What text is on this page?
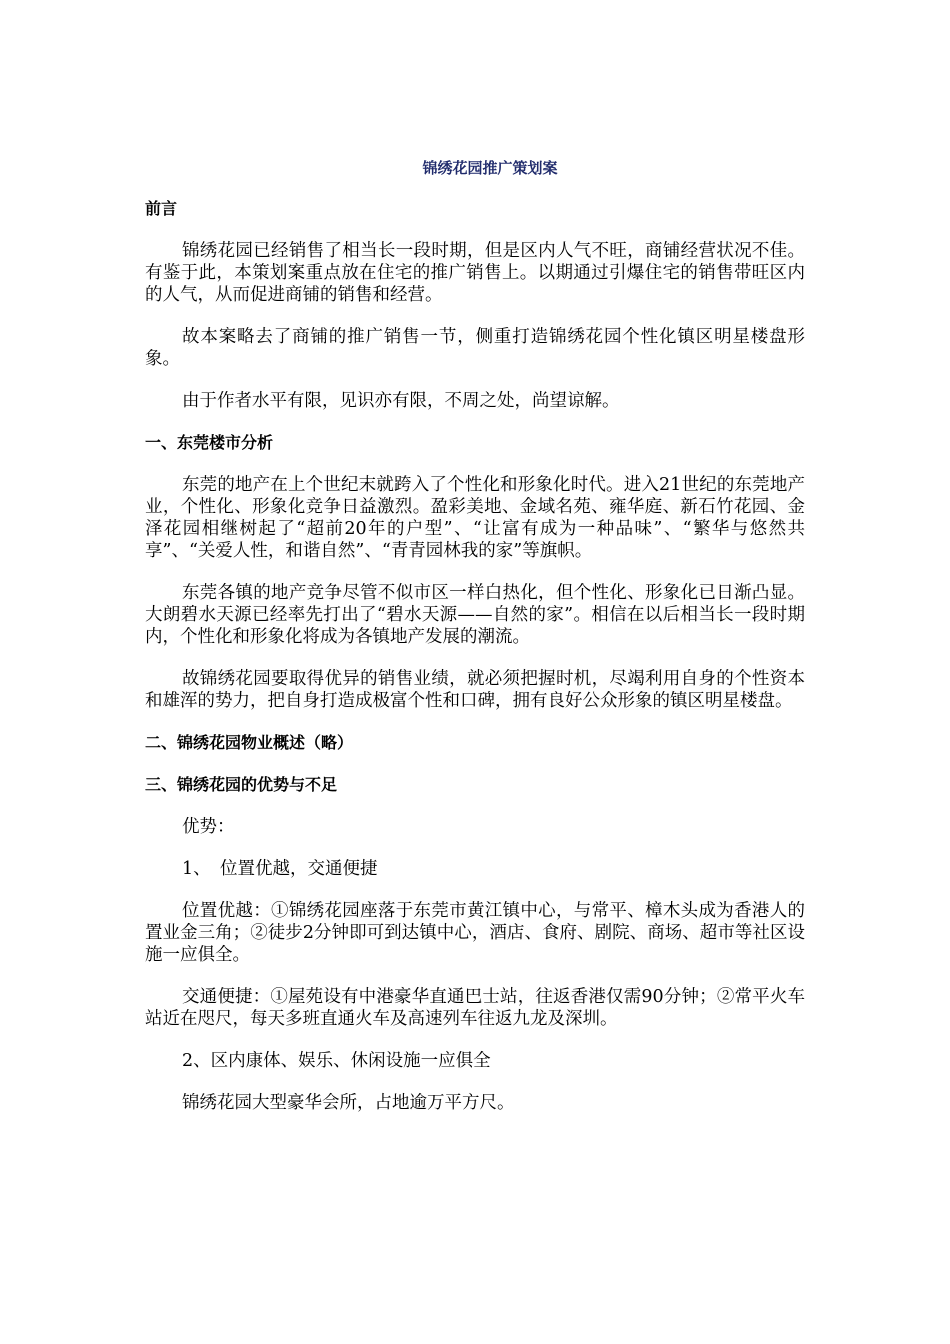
锦绣花园推广策划案
前言

锦绣花园已经销售了相当长一段时期，但是区内人气不旺，商铺经营状况不佳。有鉴于此，本策划案重点放在住宅的推广销售上。以期通过引爆住宅的销售带旺区内的人气，从而促进商铺的销售和经营。

故本案略去了商铺的推广销售一节，侧重打造锦绣花园个性化镇区明星楼盘形象。

由于作者水平有限，见识亦有限，不周之处，尚望谅解。

一、东莞楼市分析

东莞的地产在上个世纪末就跨入了个性化和形象化时代。进入21世纪的东莞地产业，个性化、形象化竞争日益激烈。盈彩美地、金域名苑、雍华庭、新石竹花园、金泽花园相继树起了“超前20年的户型”、“让富有成为一种品味”、“繁华与悠然共享”、“关爱人性，和谐自然”、“青青园林我的家”等旗帜。

东莞各镇的地产竞争尽管不似市区一样白热化，但个性化、形象化已日渐凸显。大朗碧水天源已经率先打出了“碧水天源——自然的家”。相信在以后相当长一段时期内，个性化和形象化将成为各镇地产发展的潮流。

故锦绣花园要取得优异的销售业绩，就必须把握时机，尽竭利用自身的个性资本和雄浑的势力，把自身打造成极富个性和口碑，拥有良好公众形象的镇区明星楼盘。

二、锦绣花园物业概述（略）
三、锦绣花园的优势与不足

优势：

1、 位置优越，交通便捷

位置优越：①锦绣花园座落于东莞市黄江镇中心，与常平、樟木头成为香港人的置业金三角；②徒步2分钟即可到达镇中心，酒店、食府、剧院、商场、超市等社区设施一应俱全。

交通便捷：①屋苑设有中港豪华直通巴士站，往返香港仅需90分钟；②常平火车站近在咫尺，每天多班直通火车及高速列车往返九龙及深圳。

2、区内康体、娱乐、休闲设施一应俱全

锦绣花园大型豪华会所，占地逾万平方尺。
